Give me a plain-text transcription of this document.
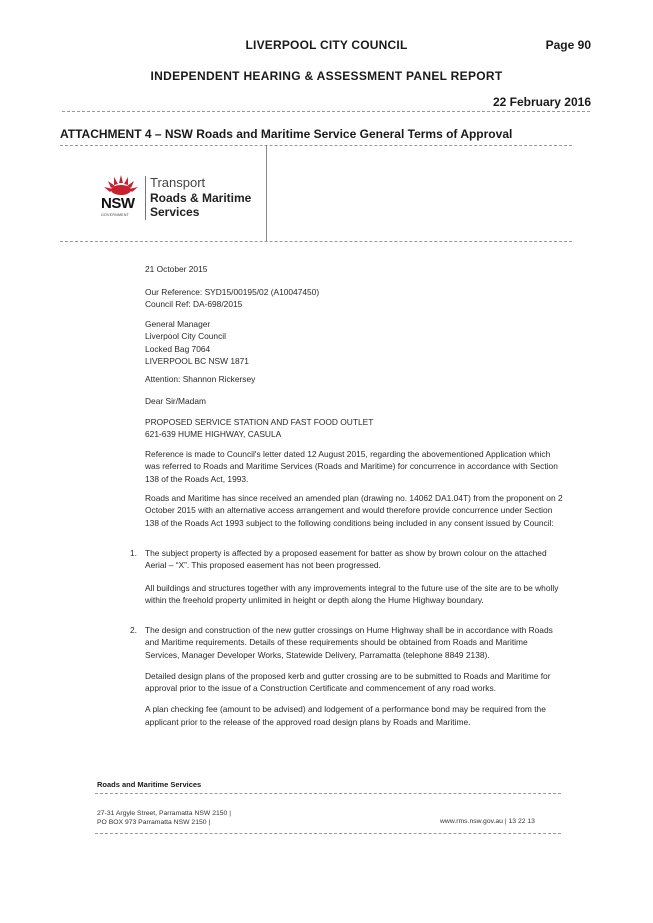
LIVERPOOL CITY COUNCIL	Page 90
INDEPENDENT HEARING & ASSESSMENT PANEL REPORT
22 February 2016
ATTACHMENT 4 – NSW Roads and Maritime Service General Terms of Approval
NSW
GOVERNMENT
Transport
Roads & Maritime
Services
21 October 2015
Our Reference: SYD15/00195/02 (A10047450)
Council Ref: DA-698/2015

General Manager

Liverpool City Council

Locked Bag 7064

LIVERPOOL BC NSW 1871

Attention: Shannon Rickersey
Dear Sir/Madam

PROPOSED SERVICE STATION AND FAST FOOD OUTLET

621-639 HUME HIGHWAY, CASULA

Reference is made to Council's letter dated 12 August 2015, regarding the abovementioned Application which was referred to Roads and Maritime Services (Roads and Maritime) for concurrence in accordance with Section 138 of the Roads Act, 1993.
Roads and Maritime has since received an amended plan (drawing no. 14062 DA1.04T) from the proponent on 2 October 2015 with an alternative access arrangement and would therefore provide concurrence under Section 138 of the Roads Act 1993 subject to the following conditions being included in any consent issued by Council:
1. The subject property is affected by a proposed easement for batter as show by brown colour on the attached Aerial – “X”. This proposed easement has not been progressed.

All buildings and structures together with any improvements integral to the future use of the site are to be wholly within the freehold property unlimited in height or depth along the Hume Highway boundary.

2. The design and construction of the new gutter crossings on Hume Highway shall be in accordance with Roads and Maritime requirements. Details of these requirements should be obtained from Roads and Maritime Services, Manager Developer Works, Statewide Delivery, Parramatta (telephone 8849 2138).

Detailed design plans of the proposed kerb and gutter crossing are to be submitted to Roads and Maritime for approval prior to the issue of a Construction Certificate and commencement of any road works.

A plan checking fee (amount to be advised) and lodgement of a performance bond may be required from the applicant prior to the release of the approved road design plans by Roads and Maritime.

Roads and Maritime Services
27-31 Argyle Street, Parramatta NSW 2150 |
PO BOX 973 Parramatta NSW 2150 |	www.rms.nsw.gov.au | 13 22 13
